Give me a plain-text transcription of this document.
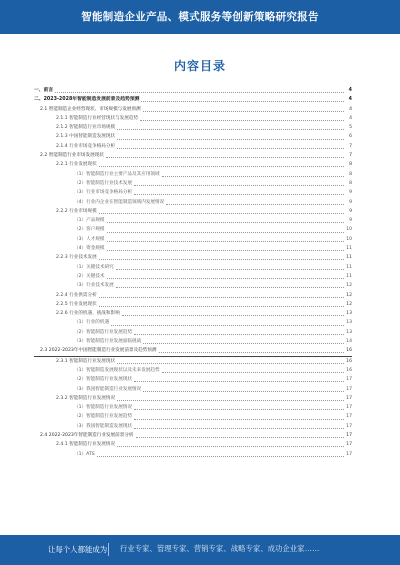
智能制造企业产品、模式服务等创新策略研究报告
内容目录
一、前言	4
二、2023-2028年智能制造发展前景及趋势预测	4
2.1 智能制造企业经营现状、市场规模与发展预测	4
2.1.1 智能制造行业经营现状与发展趋势	4
2.1.2 智能制造行业市场规模	5
2.1.3 中国智能制造发展现状	6
2.1.4 行业市场竞争格局分析	7
2.2 智能制造行业市场发展现状	7
2.2.1 行业发展现状	8
（1）智能制造行业主要产品及其应用领域	8
（2）智能制造行业技术发展	8
（3）行业市场竞争格局分析	9
（4）行业内企业在智能制造领域内发展情况	9
2.2.2 行业市场规模	9
（1）产品规模	9
（2）客户规模	10
（3）人才规模	10
（4）资金规模	11
2.2.3 行业技术发展	11
（1）关键技术研究	11
（2）关键技术	11
（3）行业技术发展	12
2.2.4 行业供需分析	12
2.2.5 行业发展现状	12
2.2.6 行业的机遇、挑战和影响	13
（1）行业的机遇	13
（2）智能制造行业发展趋势	13
（3）智能制造行业发展面临挑战	14
2.3 2022-2023年中国智能制造行业发展前景及趋势预测	16
2.3.1 智能制造行业发展现状	16
（1）智能制造发展现状以及未来发展趋势	16
（2）智能制造行业发展现状	17
（3）我国智能制造行业发展情况	17
2.3.2 智能制造行业发展情况	17
（1）智能制造行业发展情况	17
（2）智能制造行业发展趋势	17
（3）我国智能制造发展现状	17
2.4 2022-2023年智能制造行业发展前景分析	17
2.4.1 智能制造行业发展情况	17
（1）ATS	17
让每个人都能成为 行业专家、管理专家、营销专家、战略专家、成功企业家……
